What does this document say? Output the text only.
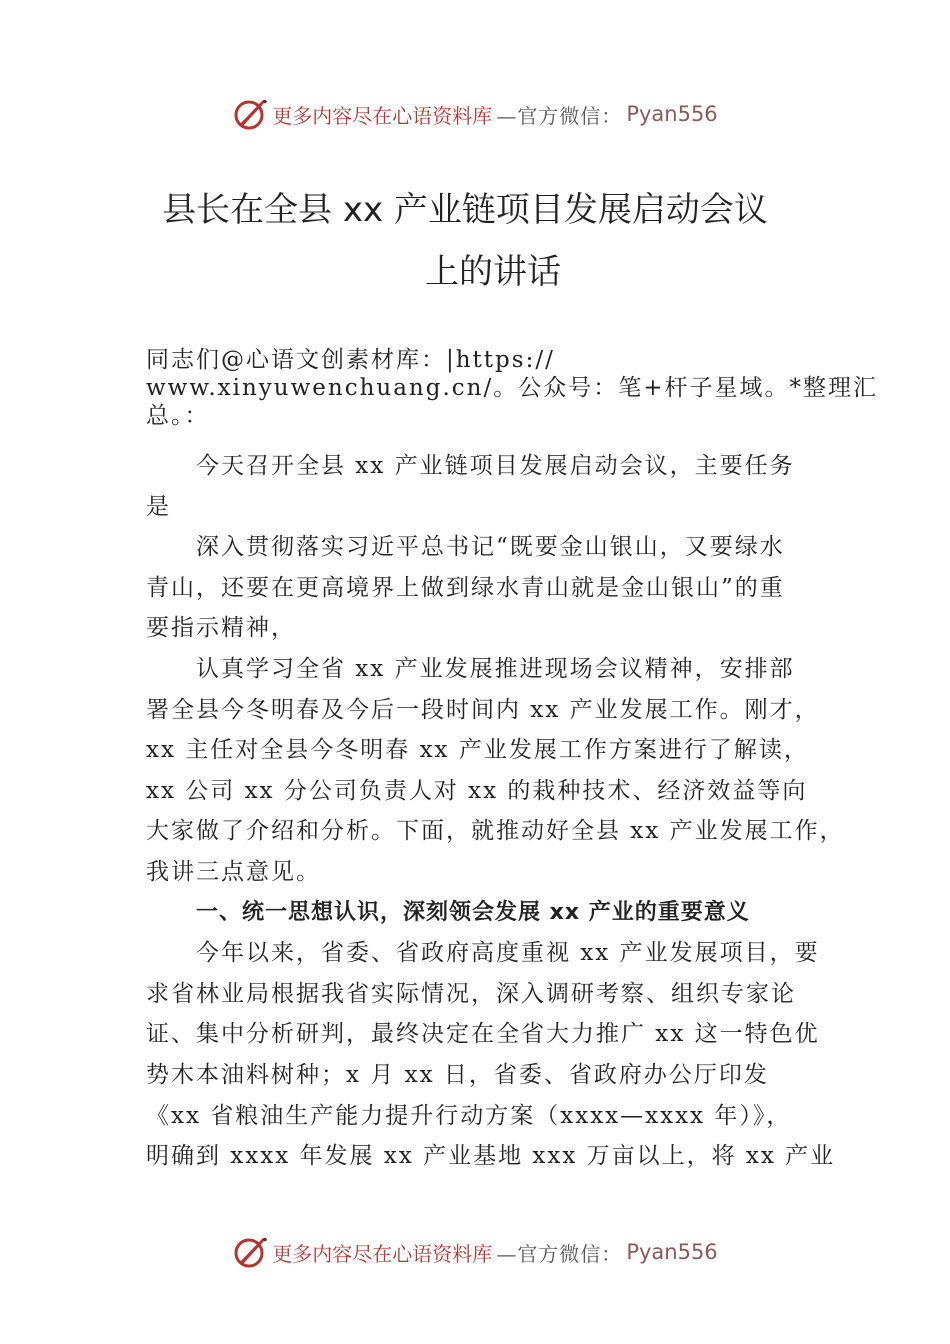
更多内容尽在心语资料库 —官方微信： Pyan556
县长在全县 xx 产业链项目发展启动会议
上的讲话
同志们@心语文创素材库：|https://
www.xinyuwenchuang.cn/。公众号：笔+杆子星域。*整理汇
总。：
今天召开全县 xx 产业链项目发展启动会议，主要任务
是
深入贯彻落实习近平总书记“既要金山银山，又要绿水
青山，还要在更高境界上做到绿水青山就是金山银山”的重
要指示精神，
认真学习全省 xx 产业发展推进现场会议精神，安排部
署全县今冬明春及今后一段时间内 xx 产业发展工作。刚才，
xx 主任对全县今冬明春 xx 产业发展工作方案进行了解读，
xx 公司 xx 分公司负责人对 xx 的栽种技术、经济效益等向
大家做了介绍和分析。下面，就推动好全县 xx 产业发展工作，
我讲三点意见。
一、统一思想认识，深刻领会发展 xx 产业的重要意义
今年以来，省委、省政府高度重视 xx 产业发展项目，要
求省林业局根据我省实际情况，深入调研考察、组织专家论
证、集中分析研判，最终决定在全省大力推广 xx 这一特色优
势木本油料树种；x 月 xx 日，省委、省政府办公厅印发
《xx 省粮油生产能力提升行动方案（xxxx—xxxx 年）》，
明确到 xxxx 年发展 xx 产业基地 xxx 万亩以上，将 xx 产业
更多内容尽在心语资料库 —官方微信： Pyan556
